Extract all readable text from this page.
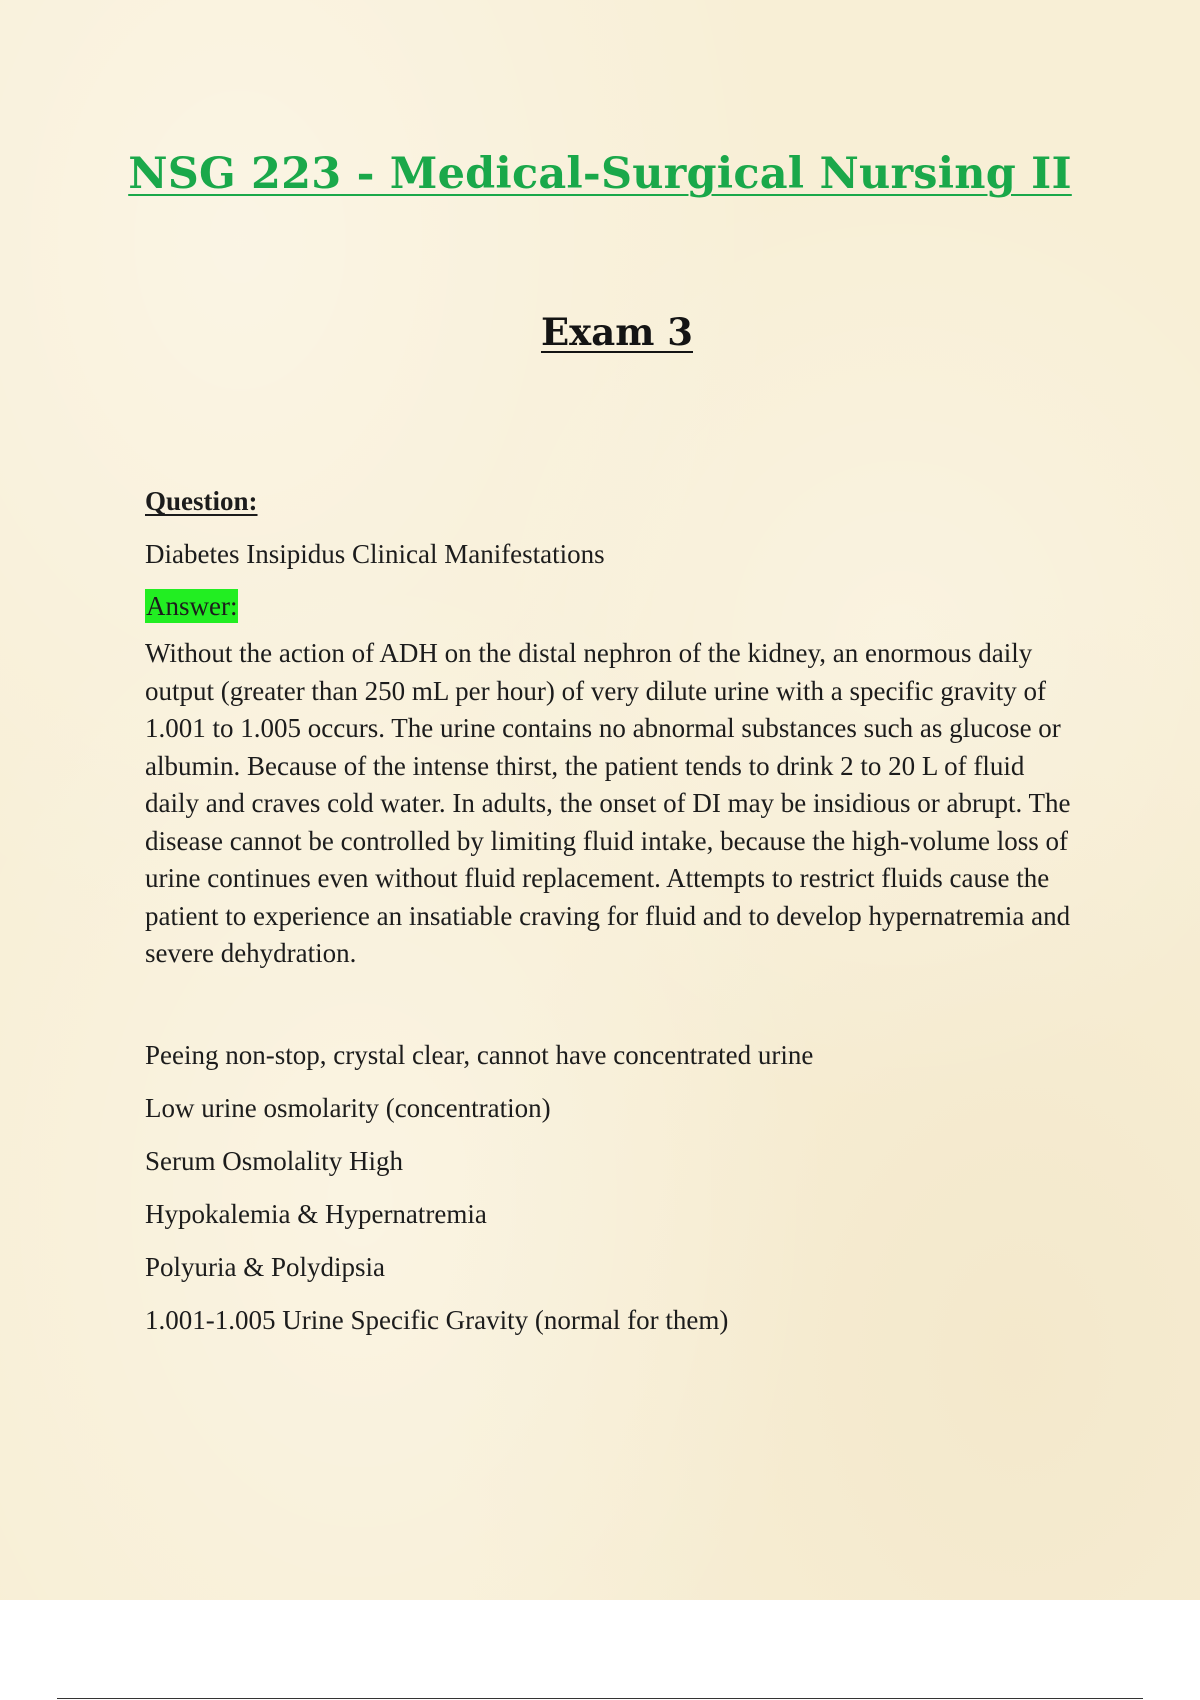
NSG 223 - Medical-Surgical Nursing II
Exam 3

Question:

Diabetes Insipidus Clinical Manifestations

Answer:

Without the action of ADH on the distal nephron of the kidney, an enormous daily output (greater than 250 mL per hour) of very dilute urine with a specific gravity of 1.001 to 1.005 occurs. The urine contains no abnormal substances such as glucose or albumin. Because of the intense thirst, the patient tends to drink 2 to 20 L of fluid daily and craves cold water. In adults, the onset of DI may be insidious or abrupt. The disease cannot be controlled by limiting fluid intake, because the high-volume loss of urine continues even without fluid replacement. Attempts to restrict fluids cause the patient to experience an insatiable craving for fluid and to develop hypernatremia and severe dehydration.

Peeing non-stop, crystal clear, cannot have concentrated urine
Low urine osmolarity (concentration)
Serum Osmolality High
Hypokalemia & Hypernatremia
Polyuria & Polydipsia
1.001-1.005 Urine Specific Gravity (normal for them)
